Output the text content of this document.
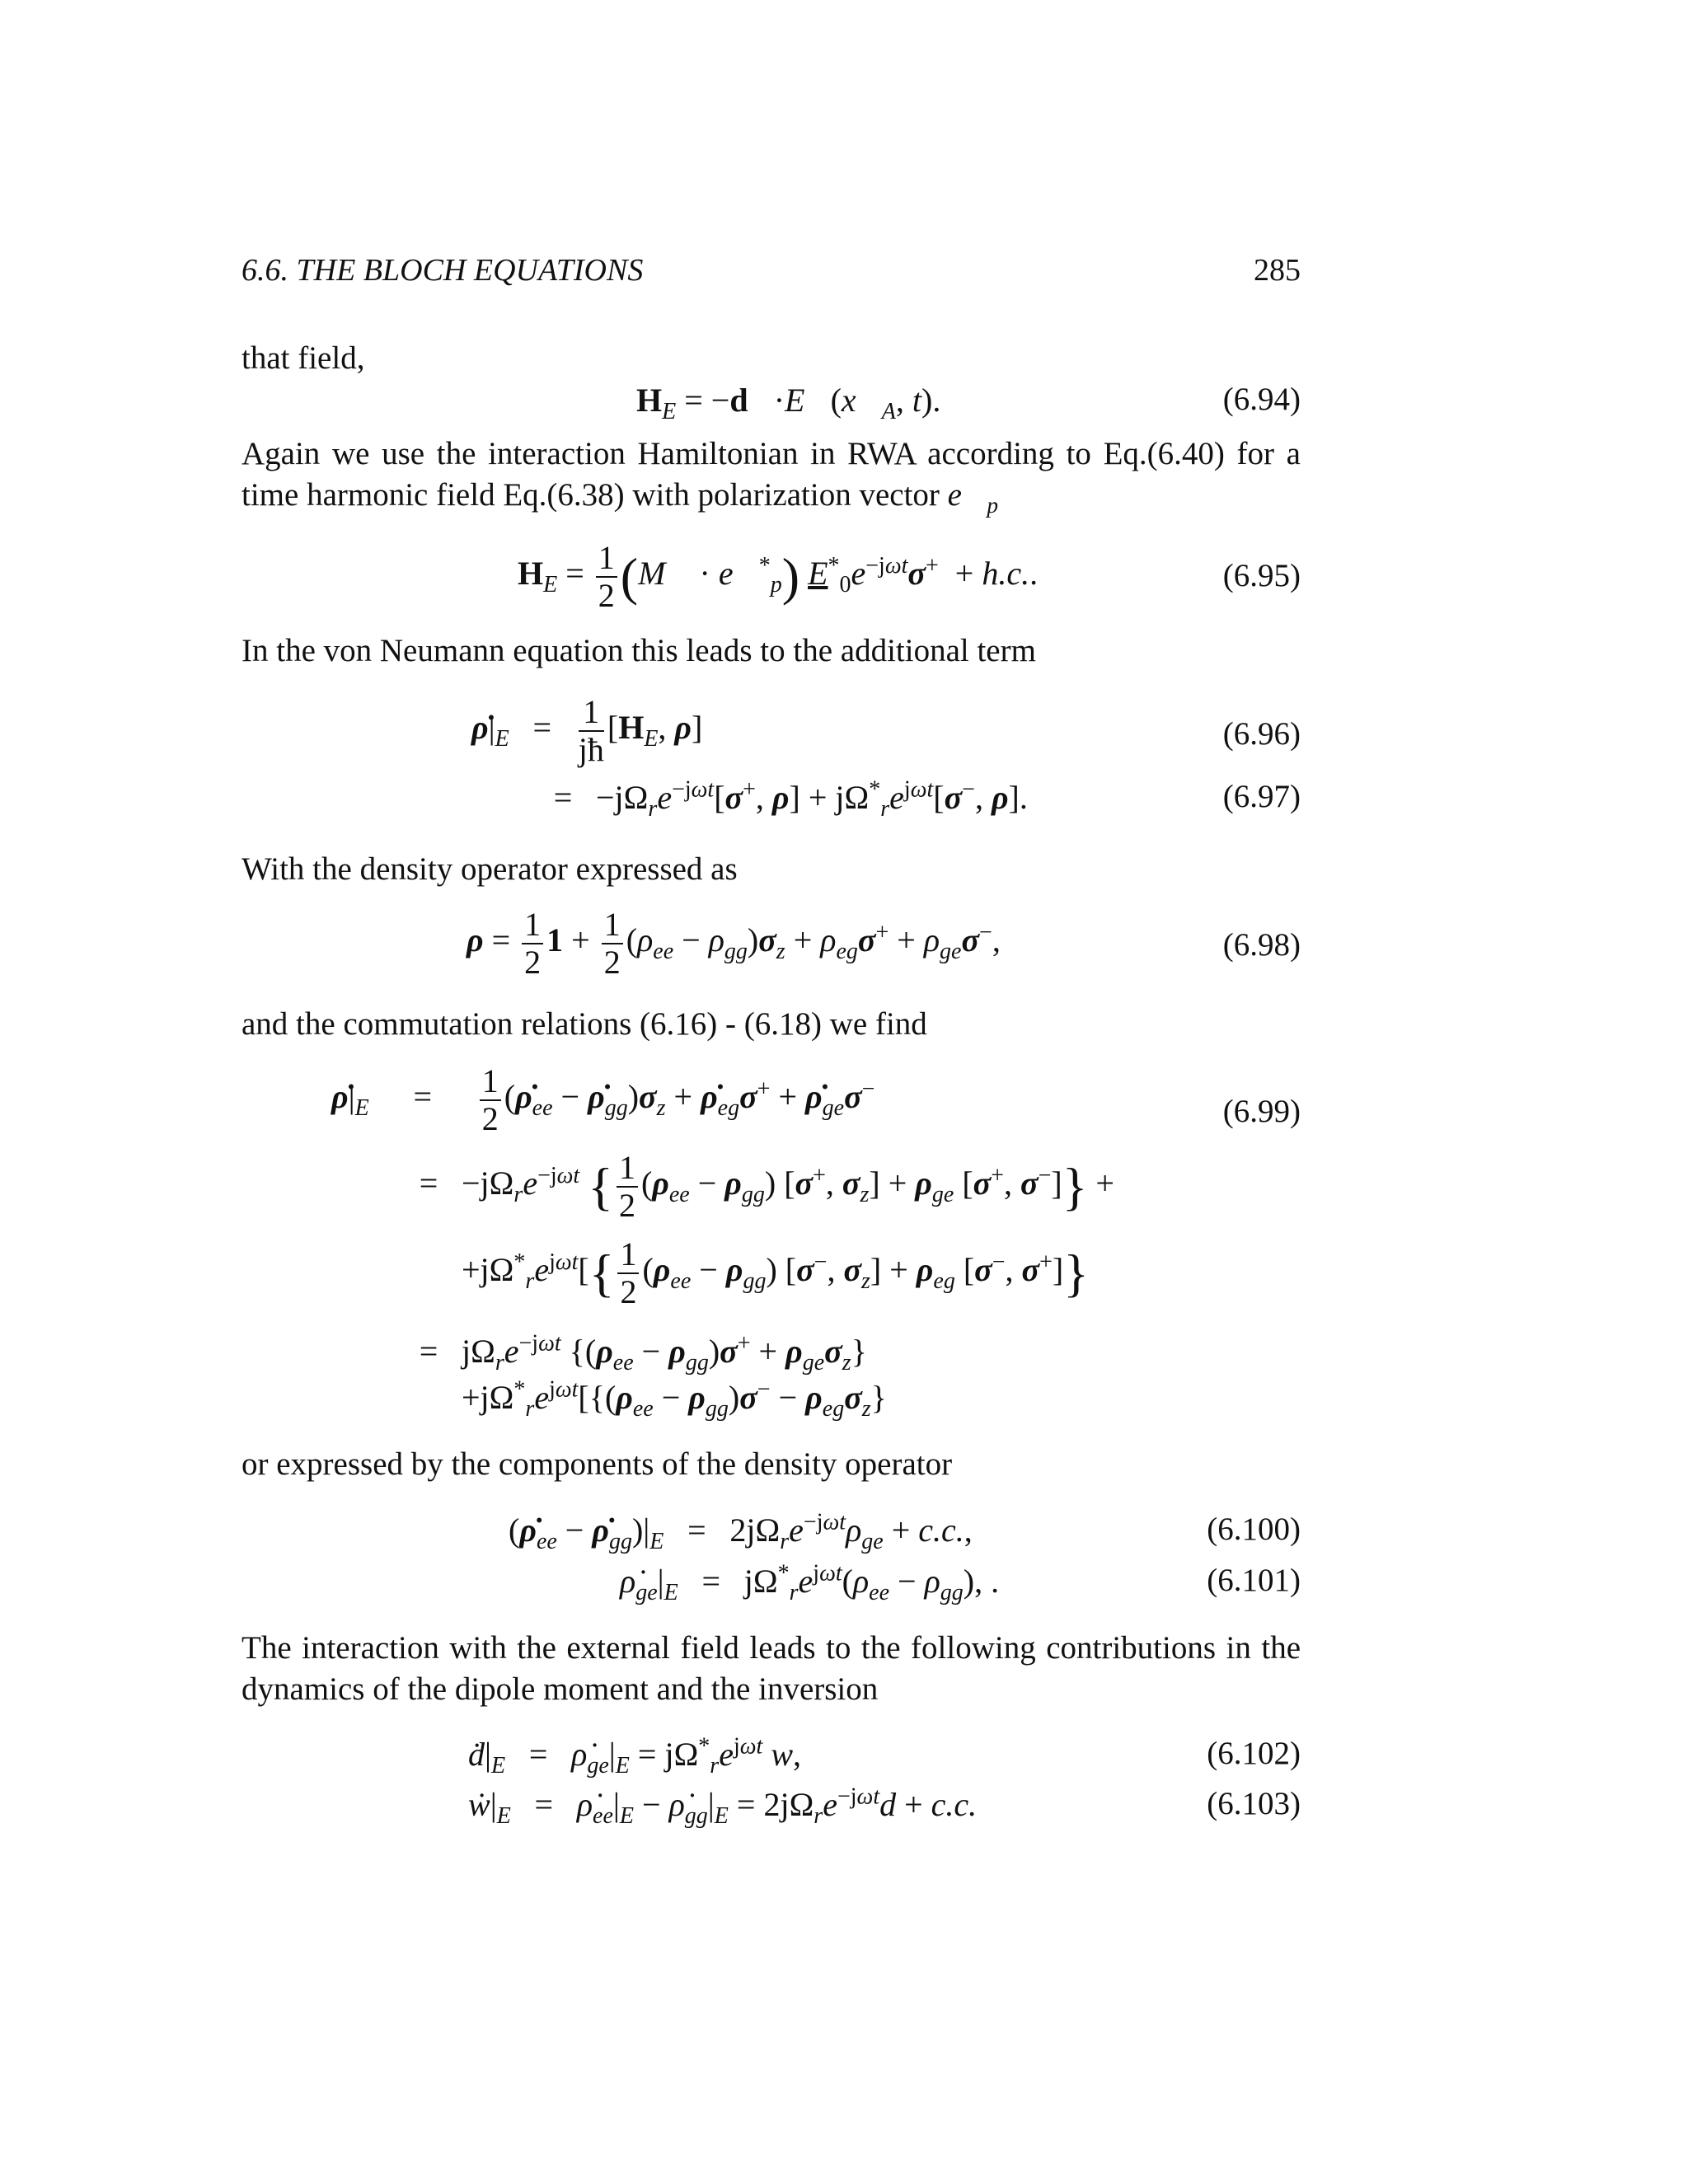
6.6. THE BLOCH EQUATIONS	285
that field,
$H_E$ = $-d⃗\cdot E⃗(x⃗_A$, t).	(6.94)
Again we use the interaction Hamiltonian in RWA according to Eq.(6.40) for a time harmonic field Eq.(6.38) with polarization vector $e⃗_p$
$H_E = \frac{1}{2}$ (M⃗ · $e⃗^*_p$) $E^*_0e^{-j\omega t}\sigma^+ + h.c$..	(6.95)
In the von Neumann equation this leads to the additional term
$\rhȯ|_E = \frac{1}{jħ} [H_E$, ρ]	(6.96)
= $-j\Omega_re^{-j\omega t}[\sigma^+$, $\rho] + j\Omega^*_re^{j\omega t}[\sigma^-$, ρ].	(6.97)
With the density operator expressed as
$\rho = \frac{1}{2} 1 + \frac{1}{2} (\rho_{ee} - \rho_{gg})\sigma_z + \rho_{eg}\sigma^+ + \rho_{ge}\sigma^-$,	(6.98)
and the commutation relations (6.16) - (6.18) we find
$\rhȯ|_E = \frac{1}{2}$ ($\rhȯ_{ee}$ − $\rhȯ_{gg})\sigma_z$ + $\rhȯ_{eg}\sigma^+$ + $\rhȯ_{ge}\sigma^-$
(6.99)
= $-j\Omega_re^{-j\omega t}$ { $\frac{1}{2} (\rho_{ee} - \rho_{gg})$ [σ+, $\sigma_z] + \rho_{ge}$ [σ+, σ−]} +
$+j\Omega^*_re^{j\omega t}[\{ \frac{1}{2} (\rho_{ee} - \rho_{gg})$ [σ−, $\sigma_z] + \rho_{eg}$ [σ−, σ+]}
= $j\Omega_re^{-j\omega t}$ $\{(\rho_{ee} - \rho_{gg})\sigma^+ + \rho_{ge}\sigma_z\}$
$+j\Omega^*_re^{j\omega t}[\{(\rho_{ee} - \rho_{gg})\sigma^- - \rho_{eg}\sigma_z\}$
or expressed by the components of the density operator
($\rhȯ_{ee}$ − $\rhȯ_{gg})|_E = 2j\Omega_re^{-j\omega t}\rho_{ge} + c.c$.,	(6.100)
$\rhȯ_{ge}|_E = j\Omega^*_re^{j\omega t}(\rho_{ee} - \rho_{gg})$, .	(6.101)
The interaction with the external field leads to the following contributions in the dynamics of the dipole moment and the inversion
$ḋ|_E$ = $\rhȯ_{ge}|_E = j\Omega^*_re^{j\omega t}$ w,	(6.102)
$ẇ|_E$ = $\rhȯ_{ee}|_E$ − $\rhȯ_{gg}|_E = 2j\Omega_re^{-j\omega t}d + c.c$.	(6.103)
